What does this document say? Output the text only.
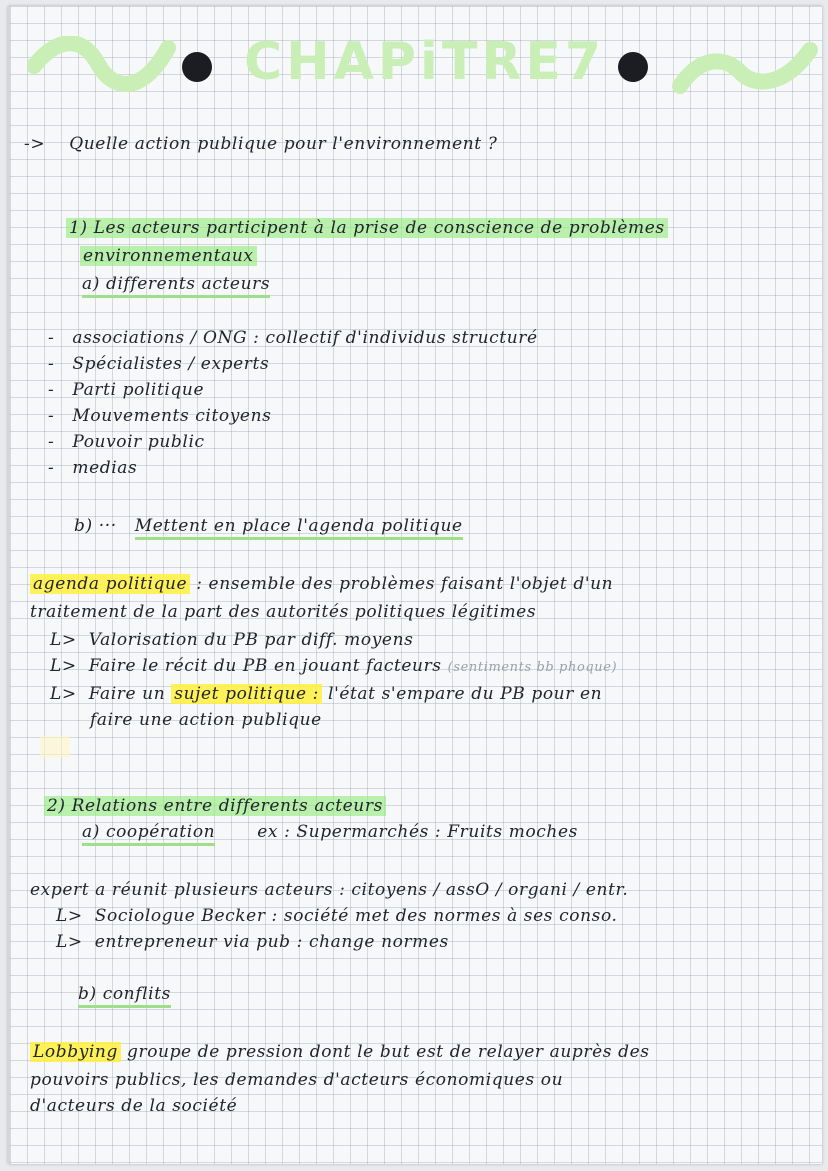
CHAPiTRE7
-> Quelle action publique pour l'environnement ?
1) Les acteurs participent à la prise de conscience de problèmes
environnementaux
a) differents acteurs
-   associations / ONG : collectif d'individus structuré
-   Spécialistes / experts
-   Parti politique
-   Mouvements citoyens
-   Pouvoir public
-   medias
b) ··· Mettent en place l'agenda politique
agenda politique : ensemble des problèmes faisant l'objet d'un
traitement de la part des autorités politiques légitimes
L> Valorisation du PB par diff. moyens
L> Faire le récit du PB en jouant facteurs (sentiments bb phoque)
L> Faire un sujet politique : l'état s'empare du PB pour en
faire une action publique
2) Relations entre differents acteurs
a) coopération ex : Supermarchés : Fruits moches
expert a réunit plusieurs acteurs : citoyens / assO / organi / entr.
L> Sociologue Becker : société met des normes à ses conso.
L> entrepreneur via pub : change normes
b) conflits
Lobbying groupe de pression dont le but est de relayer auprès des
pouvoirs publics, les demandes d'acteurs économiques ou
d'acteurs de la société
